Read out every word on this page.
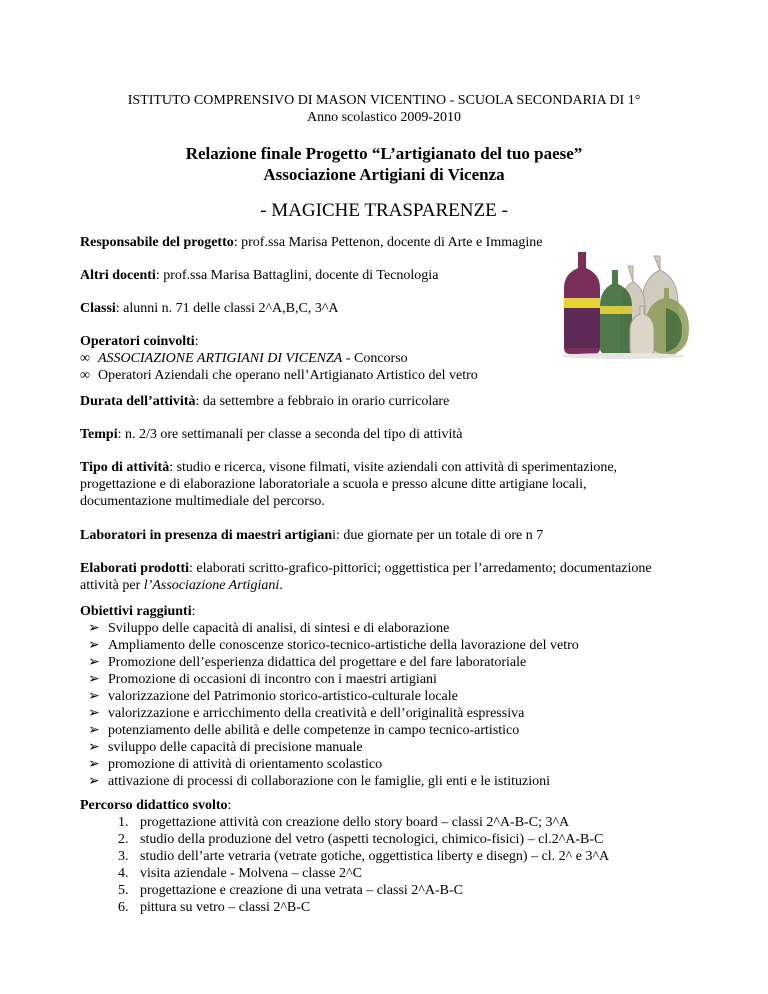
ISTITUTO COMPRENSIVO DI MASON VICENTINO - SCUOLA SECONDARIA DI 1°
Anno scolastico 2009-2010
Relazione finale Progetto “L’artigianato del tuo paese”
Associazione Artigiani di Vicenza
- MAGICHE TRASPARENZE -
Responsabile del progetto: prof.ssa Marisa Pettenon, docente di Arte e Immagine
Altri docenti: prof.ssa Marisa Battaglini, docente di Tecnologia
Classi: alunni n. 71 delle classi 2^A,B,C, 3^A
Operatori coinvolti:
∞ ASSOCIAZIONE ARTIGIANI DI VICENZA - Concorso
∞ Operatori Aziendali che operano nell’Artigianato Artistico del vetro
Durata dell’attività: da settembre a febbraio in orario curricolare
Tempi: n. 2/3 ore settimanali per classe a seconda del tipo di attività
Tipo di attività: studio e ricerca, visone filmati, visite aziendali con attività di sperimentazione, progettazione e di elaborazione laboratoriale a scuola e presso alcune ditte artigiane locali, documentazione multimediale del percorso.
Laboratori in presenza di maestri artigiani: due giornate per un totale di ore n 7
Elaborati prodotti: elaborati scritto-grafico-pittorici; oggettistica per l’arredamento; documentazione attività per l’Associazione Artigiani.
Obiettivi raggiunti:
➢ Sviluppo delle capacità di analisi, di sintesi e di elaborazione
➢ Ampliamento delle conoscenze storico-tecnico-artistiche della lavorazione del vetro
➢ Promozione dell’esperienza didattica del progettare e del fare laboratoriale
➢ Promozione di occasioni di incontro con i maestri artigiani
➢ valorizzazione del Patrimonio storico-artistico-culturale locale
➢ valorizzazione e arricchimento della creatività e dell’originalità espressiva
➢ potenziamento delle abilità e delle competenze in campo tecnico-artistico
➢ sviluppo delle capacità di precisione manuale
➢ promozione di attività di orientamento scolastico
➢ attivazione di processi di collaborazione con le famiglie, gli enti e le istituzioni
Percorso didattico svolto:
1. progettazione attività con creazione dello story board – classi 2^A-B-C; 3^A
2. studio della produzione del vetro (aspetti tecnologici, chimico-fisici) – cl.2^A-B-C
3. studio dell’arte vetraria (vetrate gotiche, oggettistica liberty e disegn) – cl. 2^ e 3^A
4. visita aziendale - Molvena – classe 2^C
5. progettazione e creazione di una vetrata – classi 2^A-B-C
6. pittura su vetro – classi 2^B-C
